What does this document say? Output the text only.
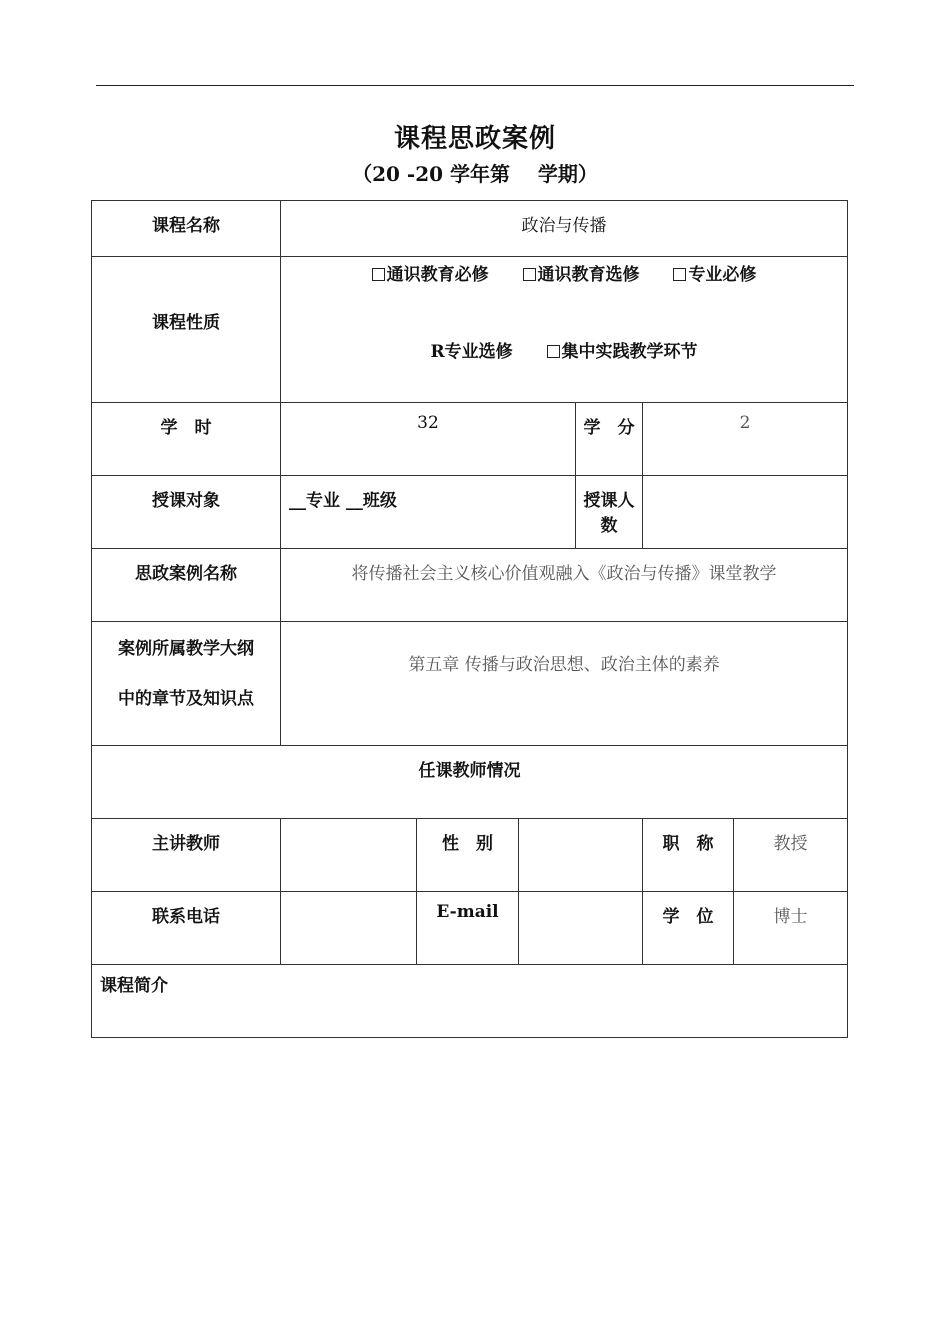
课程思政案例
（20 -20 学年第    学期）
课程名称	政治与传播					
课程性质	通识教育必修 通识教育选修 专业必修
R专业选修 集中实践教学环节					

学　时	32			学　分	2	
授课对象	__专业 __班级			授课人数		
思政案例名称	将传播社会主义核心价值观融入《政治与传播》课堂教学					

案例所属教学大纲
中的章节及知识点	第五章 传播与政治思想、政治主体的素养					
任课教师情况						
主讲教师		性　别			职　称	教授
联系电话		E-mail			学　位	博士
课程简介						
